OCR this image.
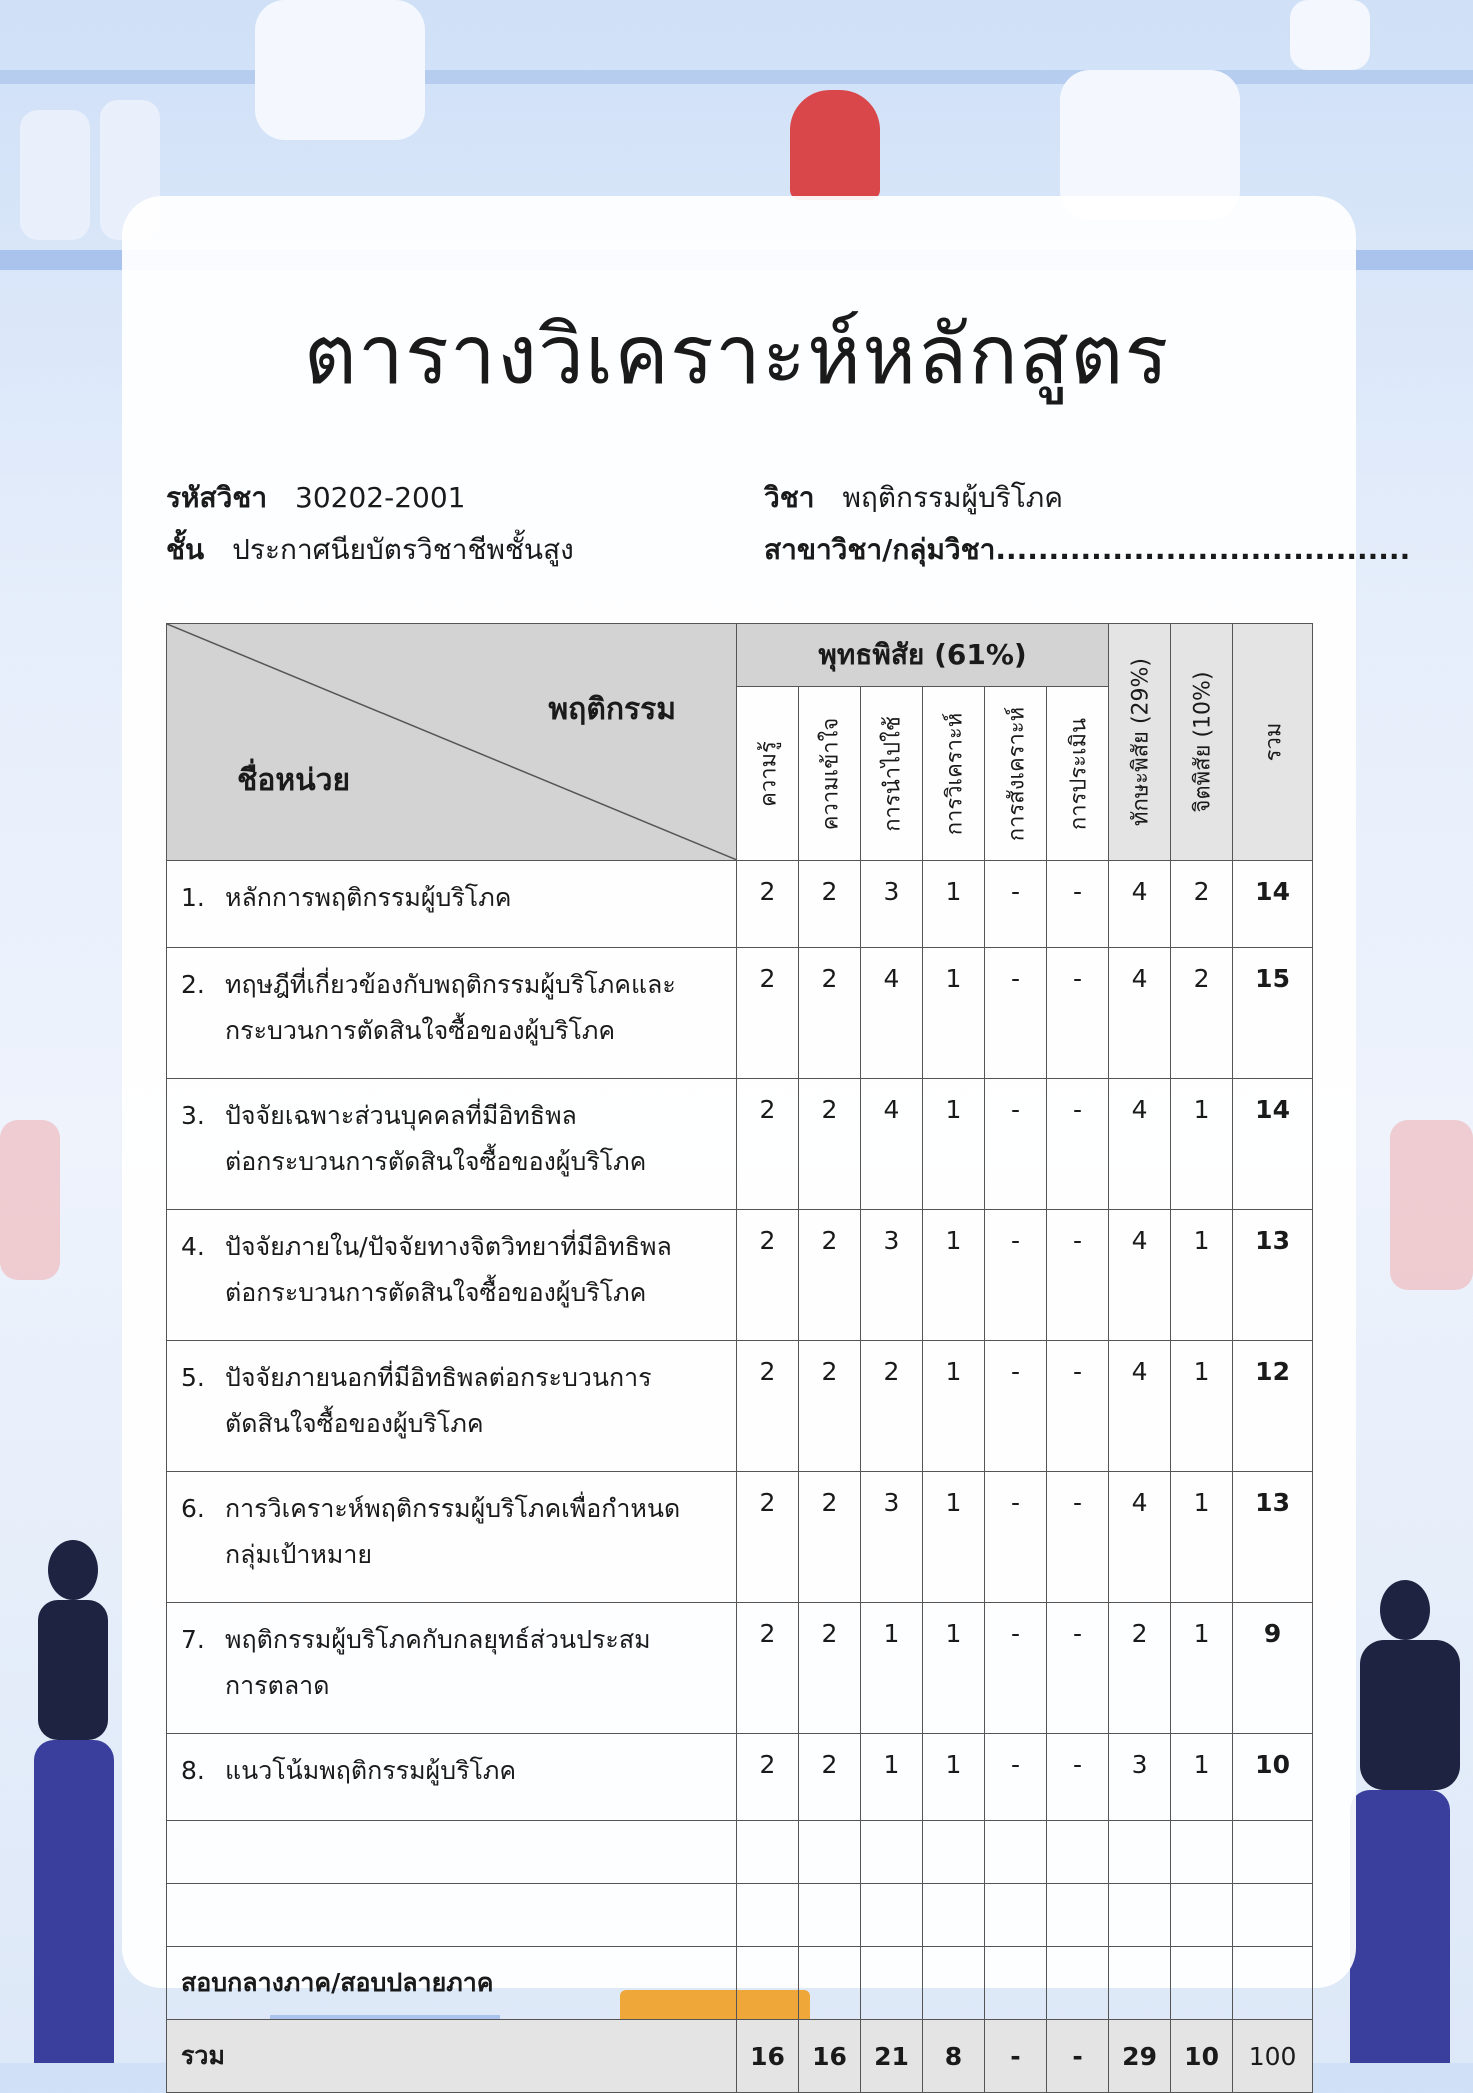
ตารางวิเคราะห์หลักสูตร
รหัสวิชา 30202-2001	วิชา พฤติกรรมผู้บริโภค
ชั้น ประกาศนียบัตรวิชาชีพชั้นสูง	สาขาวิชา/กลุ่มวิชา.......................................
พฤติกรรม
ชื่อหน่วย	พุทธพิสัย (61%)						ทักษะพิสัย (29%)	จิตพิสัย (10%)	รวม

	ความรู้	ความเข้าใจ	การนำไปใช้	การวิเคราะห์	การสังเคราะห์	การประเมิน			

1. หลักการพฤติกรรมผู้บริโภค	2	2	3	1	-	-	4	2	14
2. ทฤษฎีที่เกี่ยวข้องกับพฤติกรรมผู้บริโภคและ
กระบวนการตัดสินใจซื้อของผู้บริโภค	2	2	4	1	-	-	4	2	15
3. ปัจจัยเฉพาะส่วนบุคคลที่มีอิทธิพล
ต่อกระบวนการตัดสินใจซื้อของผู้บริโภค	2	2	4	1	-	-	4	1	14
4. ปัจจัยภายใน/ปัจจัยทางจิตวิทยาที่มีอิทธิพล
ต่อกระบวนการตัดสินใจซื้อของผู้บริโภค	2	2	3	1	-	-	4	1	13
5. ปัจจัยภายนอกที่มีอิทธิพลต่อกระบวนการ
ตัดสินใจซื้อของผู้บริโภค	2	2	2	1	-	-	4	1	12
6. การวิเคราะห์พฤติกรรมผู้บริโภคเพื่อกำหนด
กลุ่มเป้าหมาย	2	2	3	1	-	-	4	1	13
7. พฤติกรรมผู้บริโภคกับกลยุทธ์ส่วนประสม
การตลาด	2	2	1	1	-	-	2	1	9
8. แนวโน้มพฤติกรรมผู้บริโภค	2	2	1	1	-	-	3	1	10

สอบกลางภาค/สอบปลายภาค									
รวม	16	16	21	8	-	-	29	10	100
